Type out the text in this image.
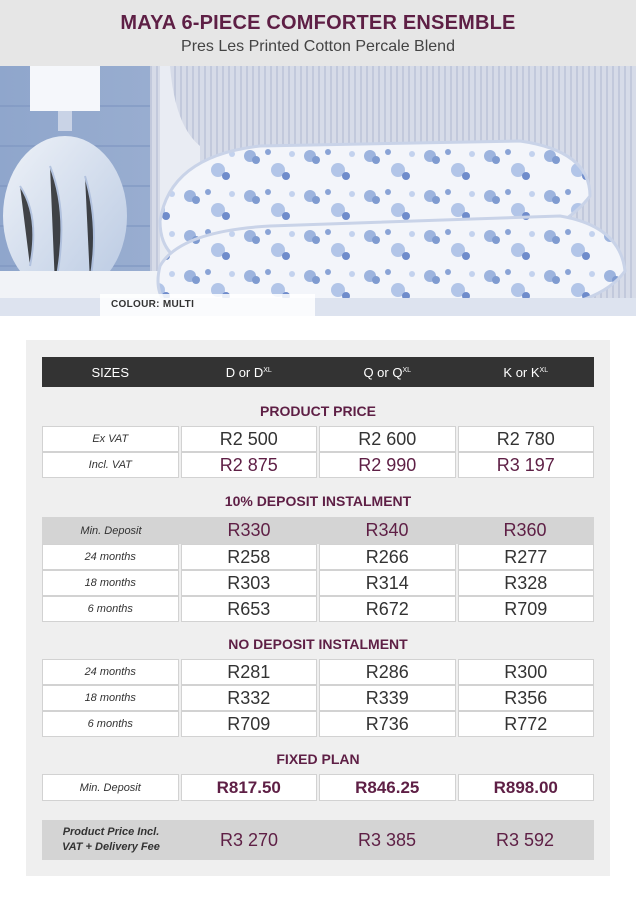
MAYA 6-PIECE COMFORTER ENSEMBLE
Pres Les Printed Cotton Percale Blend
COLOUR: MULTI
SIZES	D or $D^{XL}$	Q or $Q^{XL}$	K or $K^{XL}$
PRODUCT PRICE
Ex VAT	R2 500	R2 600	R2 780
Incl. VAT	R2 875	R2 990	R3 197
10% DEPOSIT INSTALMENT
Min. Deposit	R330	R340	R360
24 months	R258	R266	R277
18 months	R303	R314	R328
6 months	R653	R672	R709
NO DEPOSIT INSTALMENT
24 months	R281	R286	R300
18 months	R332	R339	R356
6 months	R709	R736	R772
FIXED PLAN
Min. Deposit	R817.50	R846.25	R898.00
Product Price Incl.
VAT + Delivery Fee	R3 270	R3 385	R3 592
